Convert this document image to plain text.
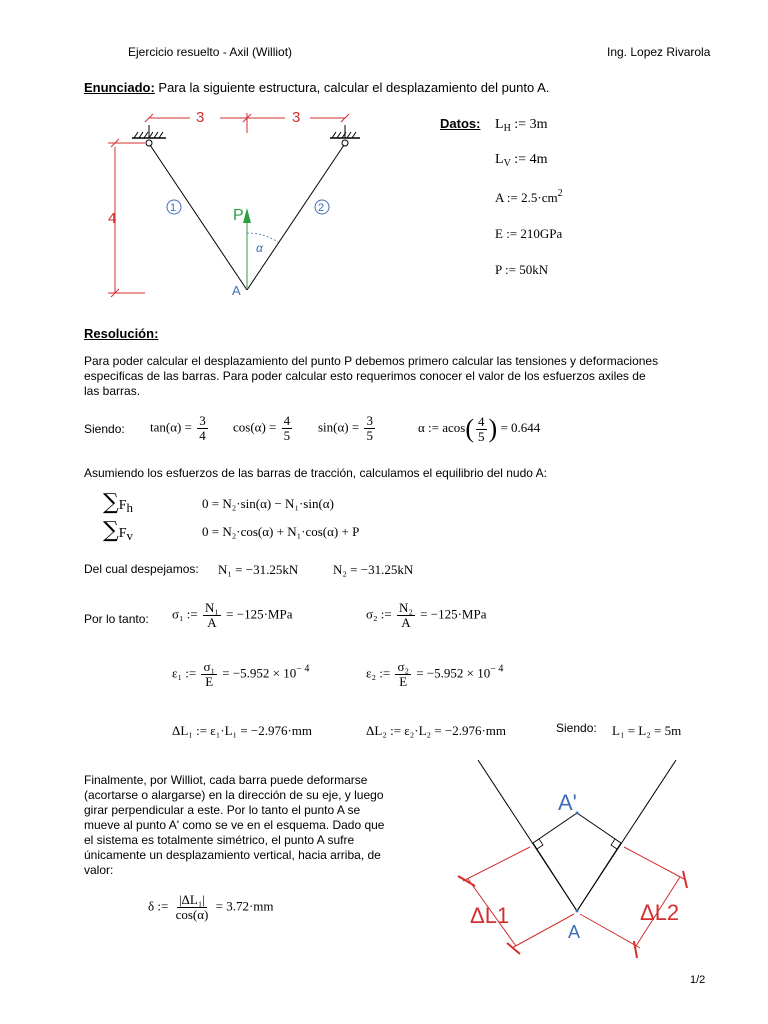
Ejercicio resuelto - Axil (Williot)	Ing. Lopez Rivarola
Enunciado: Para la siguiente estructura, calcular el desplazamiento del punto A.
3	3
4
1	2
P
α
A
Datos: $L_H$ := 3m
$L_V$ := 4m
A := $2.5\cdot cm^2$
E := 210GPa
P := 50kN
Resolución:
Para poder calcular el desplazamiento del punto P debemos primero calcular las tensiones y deformaciones especificas de las barras. Para poder calcular esto requerimos conocer el valor de los esfuerzos axiles de las barras.
Siendo: $\tan(\alpha) = \frac{3}{4} \cos(\alpha) = \frac{4}{5} \sin(\alpha) = \frac{3}{5}$	α := $acos( \frac{4}{5}$ ) = 0.644
Asumiendo los esfuerzos de las barras de tracción, calculamos el equilibrio del nudo A:
$\sum F_h$	0 = N₂·sin(α) − N₁·sin(α)
$\sum F_v$	0 = N₂·cos(α) + N₁·cos(α) + P
Del cual despejamos: N₁ = −31.25kN	N₂ = −31.25kN
Por lo tanto: σ₁ := $\frac{\text{N₁}}{A} = -125\cdot MPa$	σ₂ := $\frac{\text{N₂}}{A} = -125\cdot MPa$
ε₁ := $\frac{\text{σ₁}}{E} = -5.952 \times 10^{- 4}$	ε₂ := $\frac{\text{σ₂}}{E} = -5.952 \times 10^{- 4}$
ΔL₁ := ε₁·L₁ = −2.976·mm	ΔL₂ := ε₂·L₂ = −2.976·mm	Siendo: L₁ = L₂ = 5m
Finalmente, por Williot, cada barra puede deformarse (acortarse o alargarse) en la dirección de su eje, y luego girar perpendicular a este. Por lo tanto el punto A se mueve al punto A' como se ve en el esquema. Dado que el sistema es totalmente simétrico, el punto A sufre únicamente un desplazamiento vertical, hacia arriba, de valor:
δ := $\frac{\text{|ΔL₁|}}{\cos(\alpha)} = 3.72\cdot mm$
A'
A
ΔL1	ΔL2
1/2
